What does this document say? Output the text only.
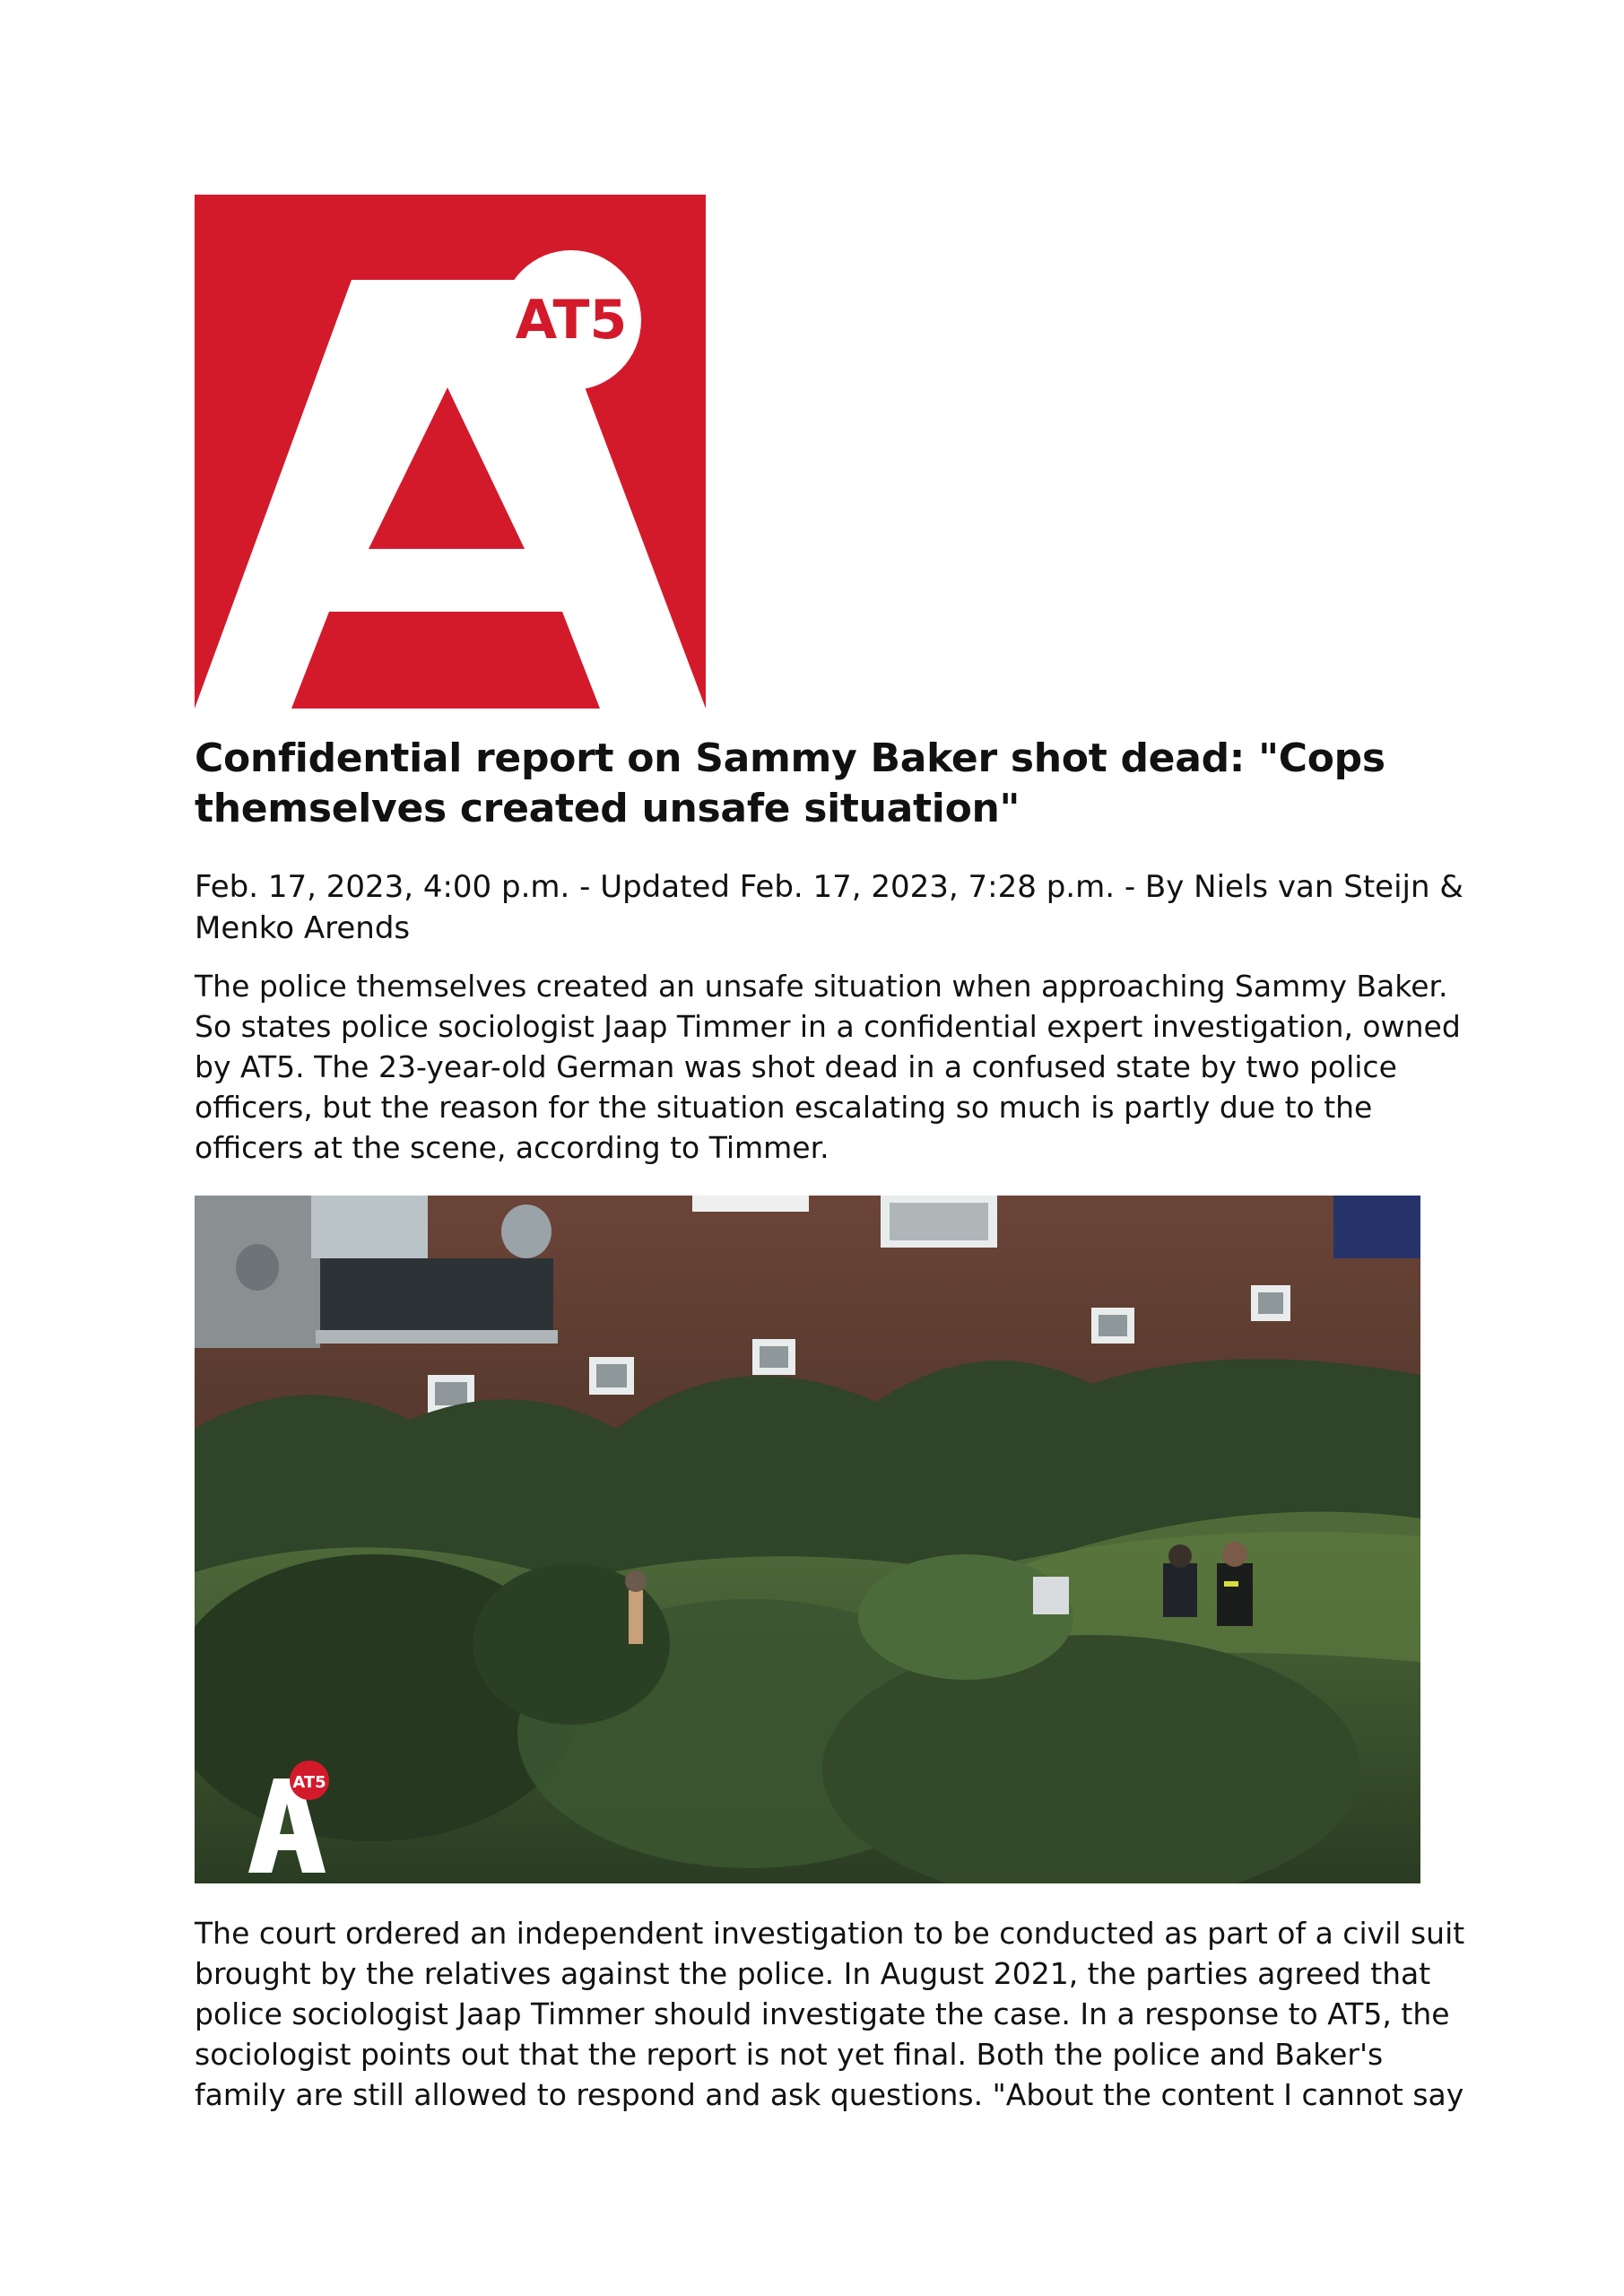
AT5
Confidential report on Sammy Baker shot dead: "Cops themselves created unsafe situation"
Feb. 17, 2023, 4:00 p.m. - Updated Feb. 17, 2023, 7:28 p.m. - By Niels van Steijn & Menko Arends

The police themselves created an unsafe situation when approaching Sammy Baker. So states police sociologist Jaap Timmer in a confidential expert investigation, owned by AT5. The 23-year-old German was shot dead in a confused state by two police officers, but the reason for the situation escalating so much is partly due to the officers at the scene, according to Timmer.

AT5

The court ordered an independent investigation to be conducted as part of a civil suit brought by the relatives against the police. In August 2021, the parties agreed that police sociologist Jaap Timmer should investigate the case. In a response to AT5, the sociologist points out that the report is not yet final. Both the police and Baker's family are still allowed to respond and ask questions. "About the content I cannot say
